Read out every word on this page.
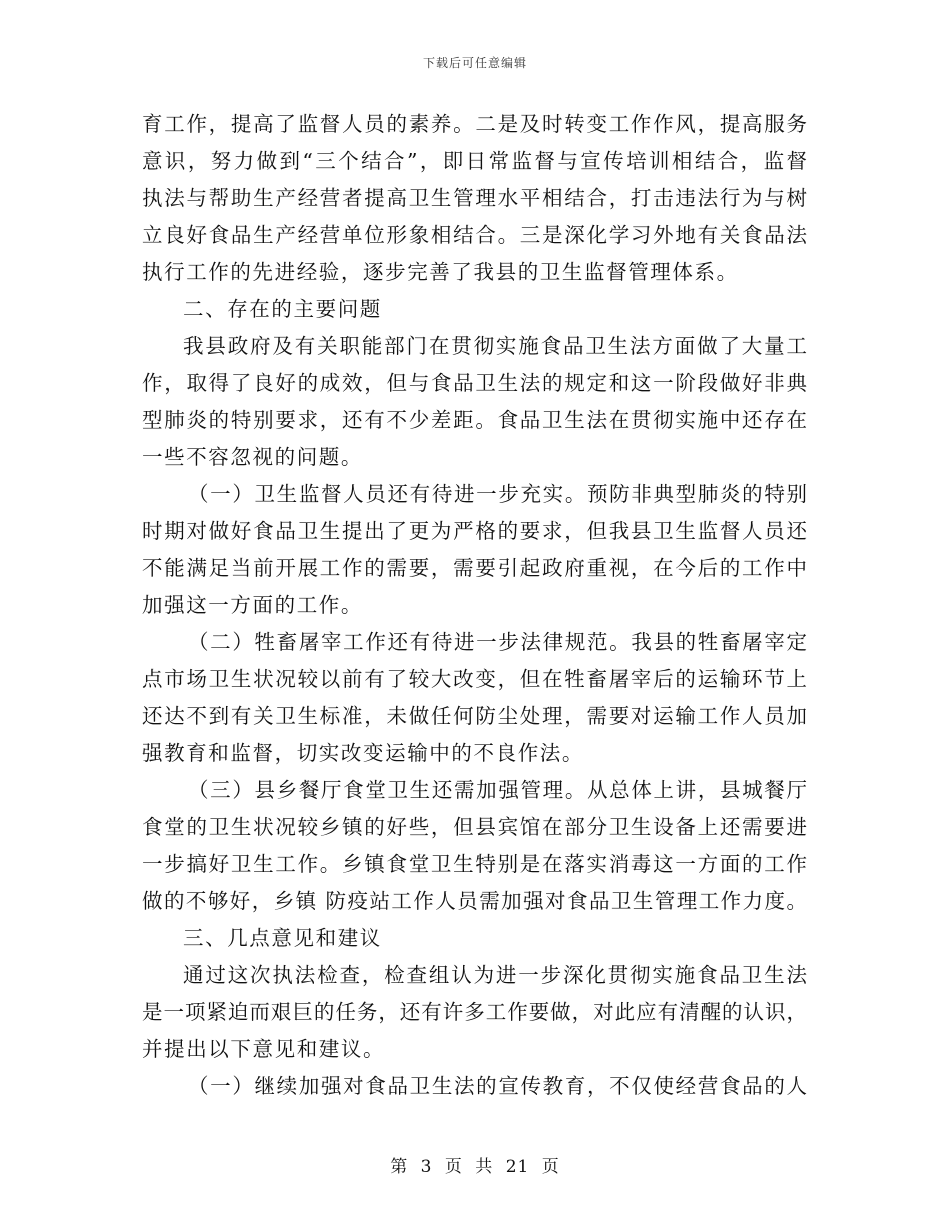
下载后可任意编辑
育工作，提高了监督人员的素养。二是及时转变工作作风，提高服务
意识，努力做到“三个结合”，即日常监督与宣传培训相结合，监督
执法与帮助生产经营者提高卫生管理水平相结合，打击违法行为与树
立良好食品生产经营单位形象相结合。三是深化学习外地有关食品法
执行工作的先进经验，逐步完善了我县的卫生监督管理体系。
二、存在的主要问题
我县政府及有关职能部门在贯彻实施食品卫生法方面做了大量工
作，取得了良好的成效，但与食品卫生法的规定和这一阶段做好非典
型肺炎的特别要求，还有不少差距。食品卫生法在贯彻实施中还存在
一些不容忽视的问题。
（一）卫生监督人员还有待进一步充实。预防非典型肺炎的特别
时期对做好食品卫生提出了更为严格的要求，但我县卫生监督人员还
不能满足当前开展工作的需要，需要引起政府重视，在今后的工作中
加强这一方面的工作。
（二）牲畜屠宰工作还有待进一步法律规范。我县的牲畜屠宰定
点市场卫生状况较以前有了较大改变，但在牲畜屠宰后的运输环节上
还达不到有关卫生标准，未做任何防尘处理，需要对运输工作人员加
强教育和监督，切实改变运输中的不良作法。
（三）县乡餐厅食堂卫生还需加强管理。从总体上讲，县城餐厅
食堂的卫生状况较乡镇的好些，但县宾馆在部分卫生设备上还需要进
一步搞好卫生工作。乡镇食堂卫生特别是在落实消毒这一方面的工作
做的不够好，乡镇 防疫站工作人员需加强对食品卫生管理工作力度。
三、几点意见和建议
通过这次执法检查，检查组认为进一步深化贯彻实施食品卫生法
是一项紧迫而艰巨的任务，还有许多工作要做，对此应有清醒的认识，
并提出以下意见和建议。
（一）继续加强对食品卫生法的宣传教育，不仅使经营食品的人
第 3 页 共 21 页
